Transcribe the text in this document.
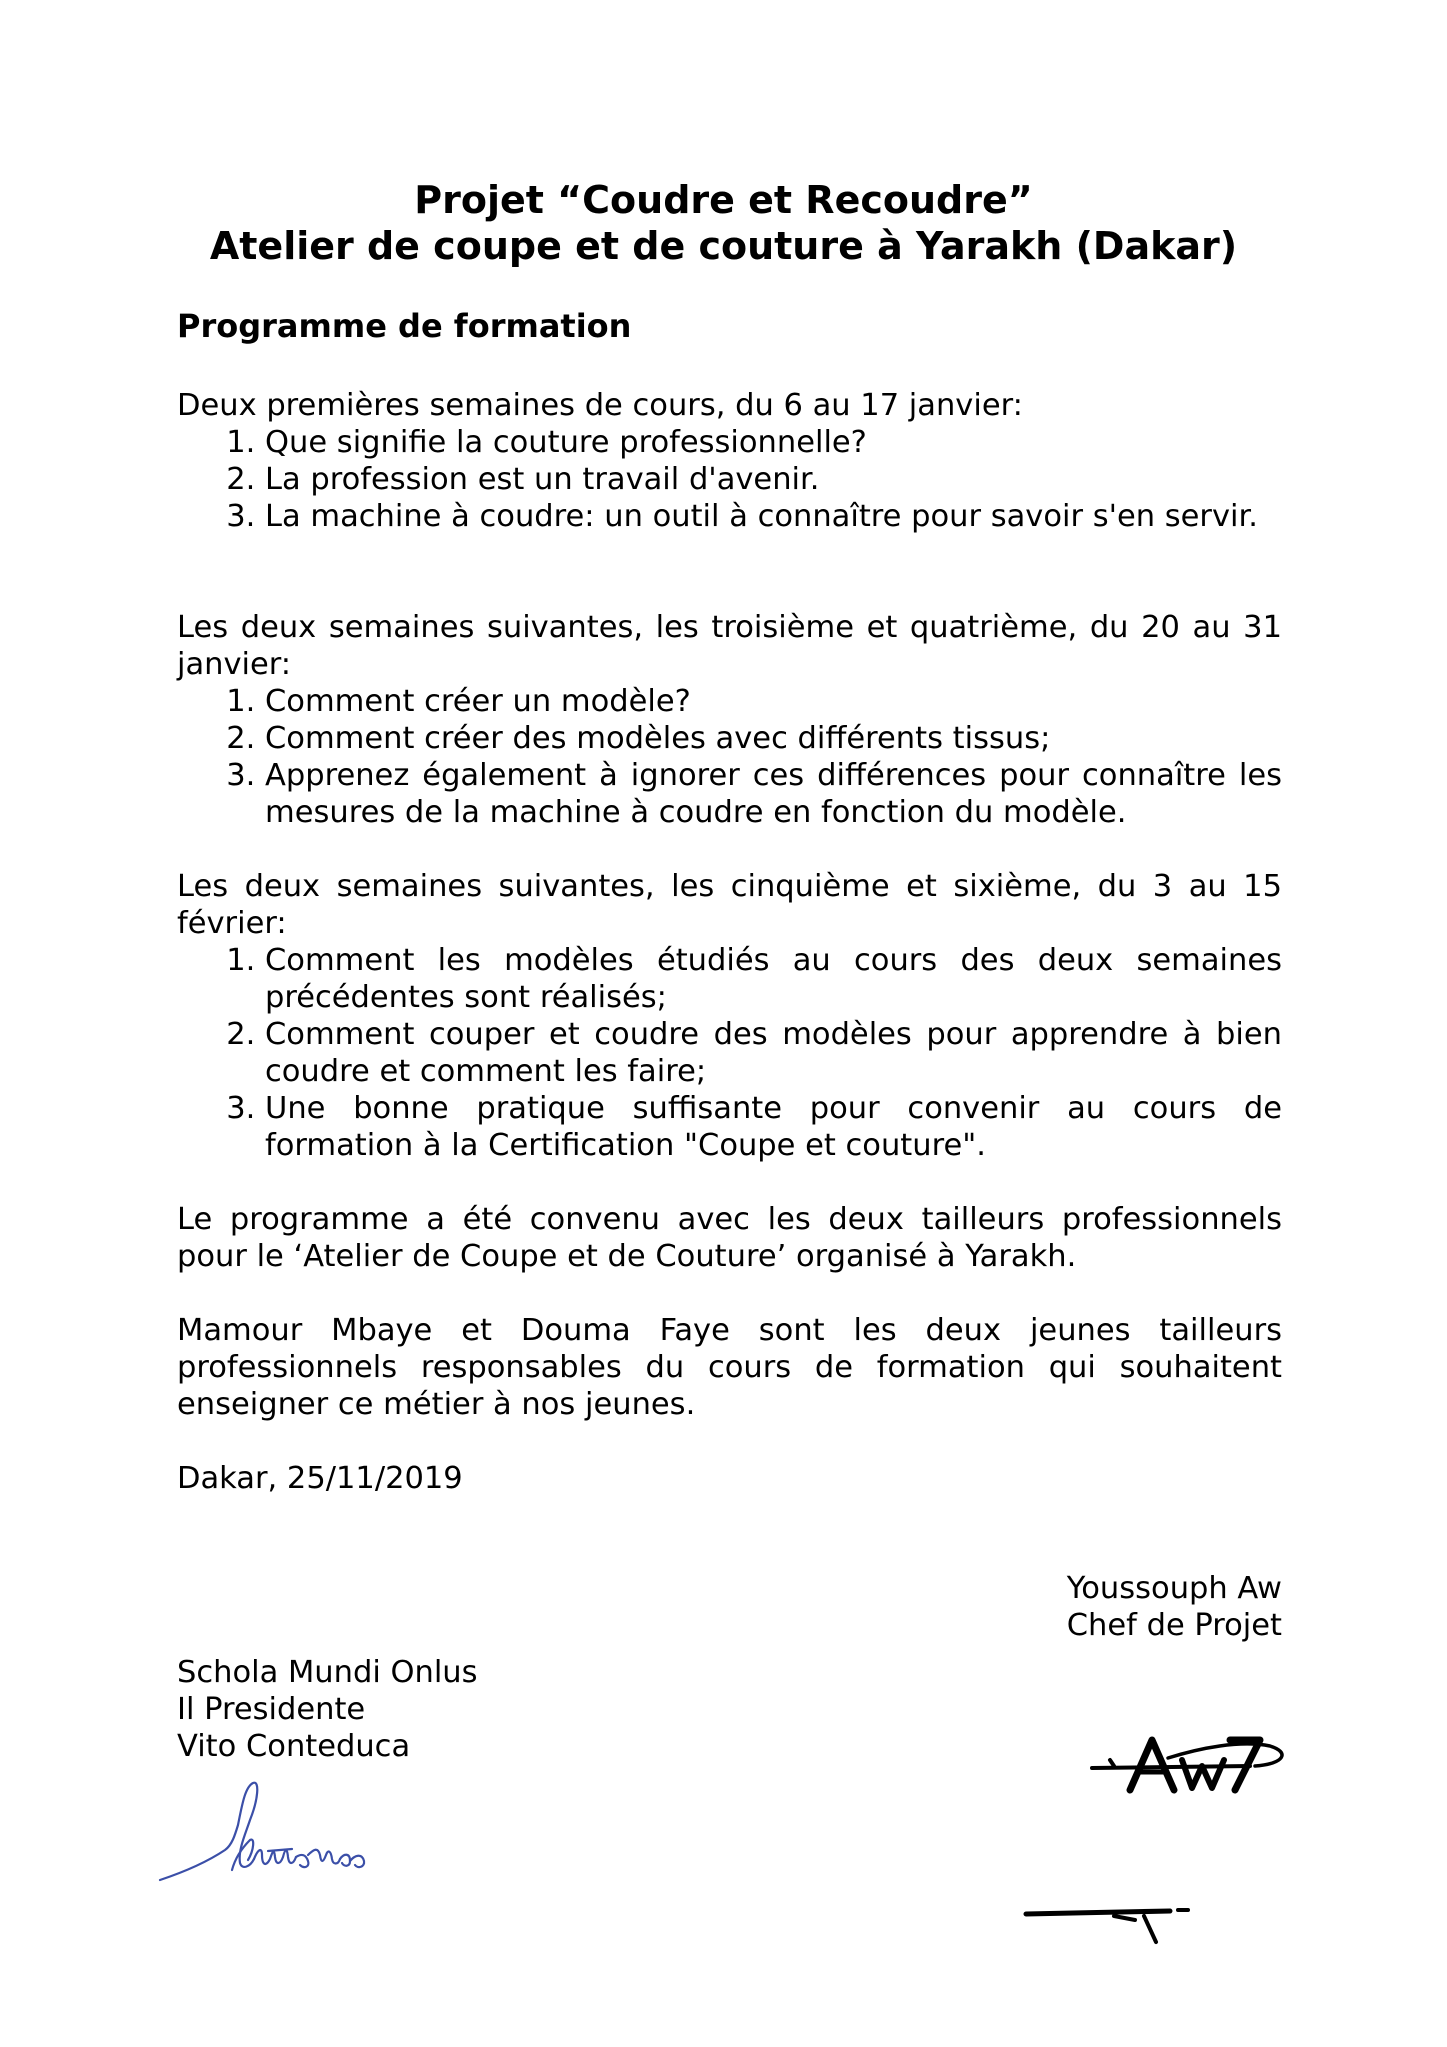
Projet “Coudre et Recoudre”
Atelier de coupe et de couture à Yarakh (Dakar)
Programme de formation

Deux premières semaines de cours, du 6 au 17 janvier:

1. Que signifie la couture professionnelle?
2. La profession est un travail d'avenir.
3. La machine à coudre: un outil à connaître pour savoir s'en servir.

Les deux semaines suivantes, les troisième et quatrième, du 20 au 31 janvier:

1. Comment créer un modèle?
2. Comment créer des modèles avec différents tissus;
3. Apprenez également à ignorer ces différences pour connaître les mesures de la machine à coudre en fonction du modèle.

Les deux semaines suivantes, les cinquième et sixième, du 3 au 15 février:

1. Comment les modèles étudiés au cours des deux semaines précédentes sont réalisés;
2. Comment couper et coudre des modèles pour apprendre à bien coudre et comment les faire;
3. Une bonne pratique suffisante pour convenir au cours de formation à la Certification "Coupe et couture".

Le programme a été convenu avec les deux tailleurs professionnels pour le ‘Atelier de Coupe et de Couture’ organisé à Yarakh.

Mamour Mbaye et Douma Faye sont les deux jeunes tailleurs professionnels responsables du cours de formation qui souhaitent enseigner ce métier à nos jeunes.

Dakar, 25/11/2019

Youssouph Aw
Chef de Projet
Schola Mundi Onlus
Il Presidente
Vito Conteduca
